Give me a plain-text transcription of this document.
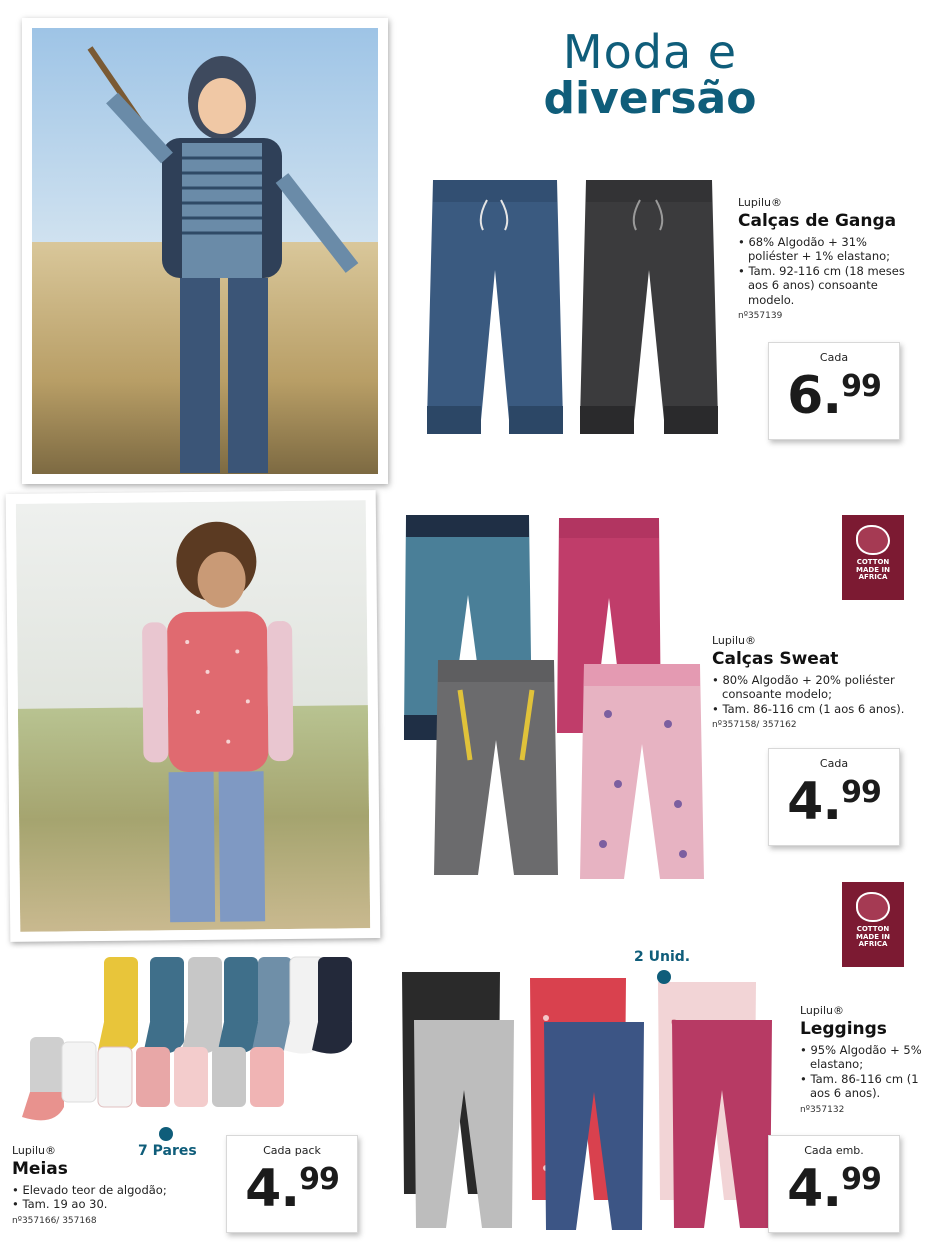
Moda e
diversão
Lupilu®
Calças de Ganga
• 68% Algodão + 31% poliéster + 1% elastano;
• Tam. 92-116 cm (18 meses aos 6 anos) consoante modelo.
nº357139
Cada
6.99
COTTON
MADE IN
AFRICA
Lupilu®
Calças Sweat
• 80% Algodão + 20% poliéster consoante modelo;
• Tam. 86-116 cm (1 aos 6 anos).
nº357158/ 357162
Cada
4.99
COTTON
MADE IN
AFRICA
7 Pares
Lupilu®
Meias
• Elevado teor de algodão;
• Tam. 19 ao 30.
nº357166/ 357168
Cada pack
4.99
2 Unid.
Lupilu®
Leggings
• 95% Algodão + 5% elastano;
• Tam. 86-116 cm (1 aos 6 anos).
nº357132
Cada emb.
4.99
